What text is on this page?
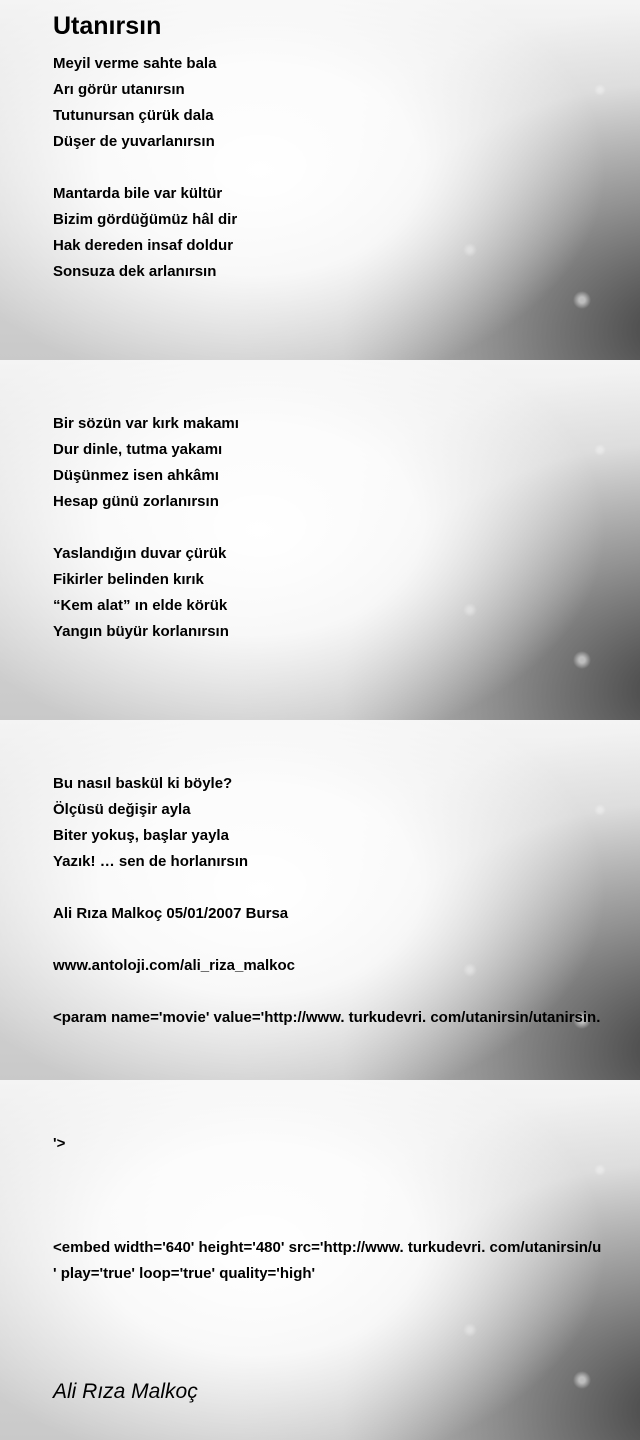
Utanırsın
Meyil verme sahte bala
Arı görür utanırsın
Tutunursan çürük dala
Düşer de yuvarlanırsın
Mantarda bile var kültür
Bizim gördüğümüz hâl dir
Hak dereden insaf doldur
Sonsuza dek arlanırsın
Bir sözün var kırk makamı
Dur dinle, tutma yakamı
Düşünmez isen ahkâmı
Hesap günü zorlanırsın
Yaslandığın duvar çürük
Fikirler belinden kırık
“Kem alat” ın elde körük
Yangın büyür korlanırsın
Bu nasıl baskül ki böyle?
Ölçüsü değişir ayla
Biter yokuş, başlar yayla
Yazık! … sen de horlanırsın
Ali Rıza Malkoç 05/01/2007 Bursa
www.antoloji.com/ali_riza_malkoc
<param name='movie' value='http://www. turkudevri. com/utanirsin/utanirsin.
'>
<embed width='640' height='480' src='http://www. turkudevri. com/utanirsin/u
' play='true' loop='true' quality='high'
Ali Rıza Malkoç
